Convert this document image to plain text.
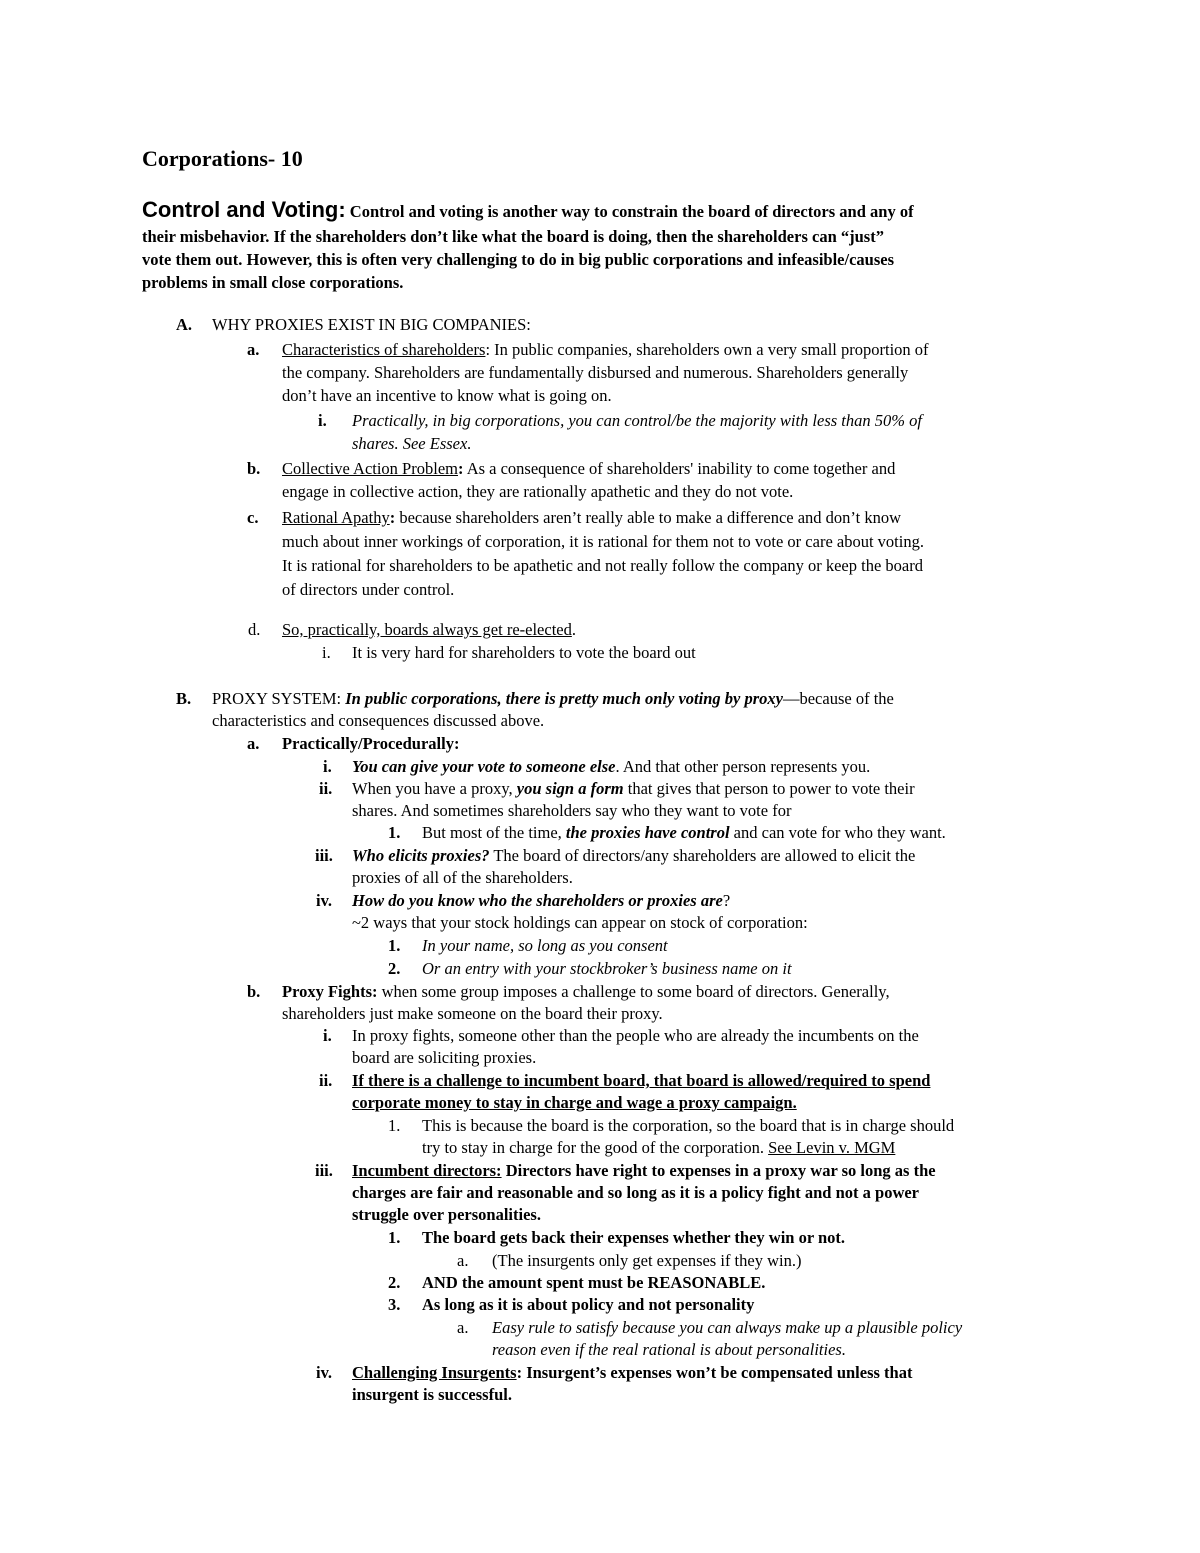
Corporations- 10
Control and Voting: Control and voting is another way to constrain the board of directors and any of
their misbehavior. If the shareholders don’t like what the board is doing, then the shareholders can “just”
vote them out. However, this is often very challenging to do in big public corporations and infeasible/causes
problems in small close corporations.
A. WHY PROXIES EXIST IN BIG COMPANIES:
a. Characteristics of shareholders: In public companies, shareholders own a very small proportion of
the company. Shareholders are fundamentally disbursed and numerous. Shareholders generally
don’t have an incentive to know what is going on.
i. Practically, in big corporations, you can control/be the majority with less than 50% of
shares. See Essex.
b. Collective Action Problem: As a consequence of shareholders' inability to come together and
engage in collective action, they are rationally apathetic and they do not vote.
c. Rational Apathy: because shareholders aren’t really able to make a difference and don’t know
much about inner workings of corporation, it is rational for them not to vote or care about voting.
It is rational for shareholders to be apathetic and not really follow the company or keep the board
of directors under control.
d. So, practically, boards always get re-elected.
i. It is very hard for shareholders to vote the board out
B. PROXY SYSTEM: In public corporations, there is pretty much only voting by proxy—because of the
characteristics and consequences discussed above.
a. Practically/Procedurally:
i. You can give your vote to someone else. And that other person represents you.
ii. When you have a proxy, you sign a form that gives that person to power to vote their
shares. And sometimes shareholders say who they want to vote for
1. But most of the time, the proxies have control and can vote for who they want.
iii. Who elicits proxies? The board of directors/any shareholders are allowed to elicit the
proxies of all of the shareholders.
iv. How do you know who the shareholders or proxies are?
~2 ways that your stock holdings can appear on stock of corporation:
1. In your name, so long as you consent
2. Or an entry with your stockbroker’s business name on it
b. Proxy Fights: when some group imposes a challenge to some board of directors. Generally,
shareholders just make someone on the board their proxy.
i. In proxy fights, someone other than the people who are already the incumbents on the
board are soliciting proxies.
ii. If there is a challenge to incumbent board, that board is allowed/required to spend
corporate money to stay in charge and wage a proxy campaign.
1. This is because the board is the corporation, so the board that is in charge should
try to stay in charge for the good of the corporation. See Levin v. MGM
iii. Incumbent directors: Directors have right to expenses in a proxy war so long as the
charges are fair and reasonable and so long as it is a policy fight and not a power
struggle over personalities.
1. The board gets back their expenses whether they win or not.
a. (The insurgents only get expenses if they win.)
2. AND the amount spent must be REASONABLE.
3. As long as it is about policy and not personality
a. Easy rule to satisfy because you can always make up a plausible policy
reason even if the real rational is about personalities.
iv. Challenging Insurgents: Insurgent’s expenses won’t be compensated unless that
insurgent is successful.
